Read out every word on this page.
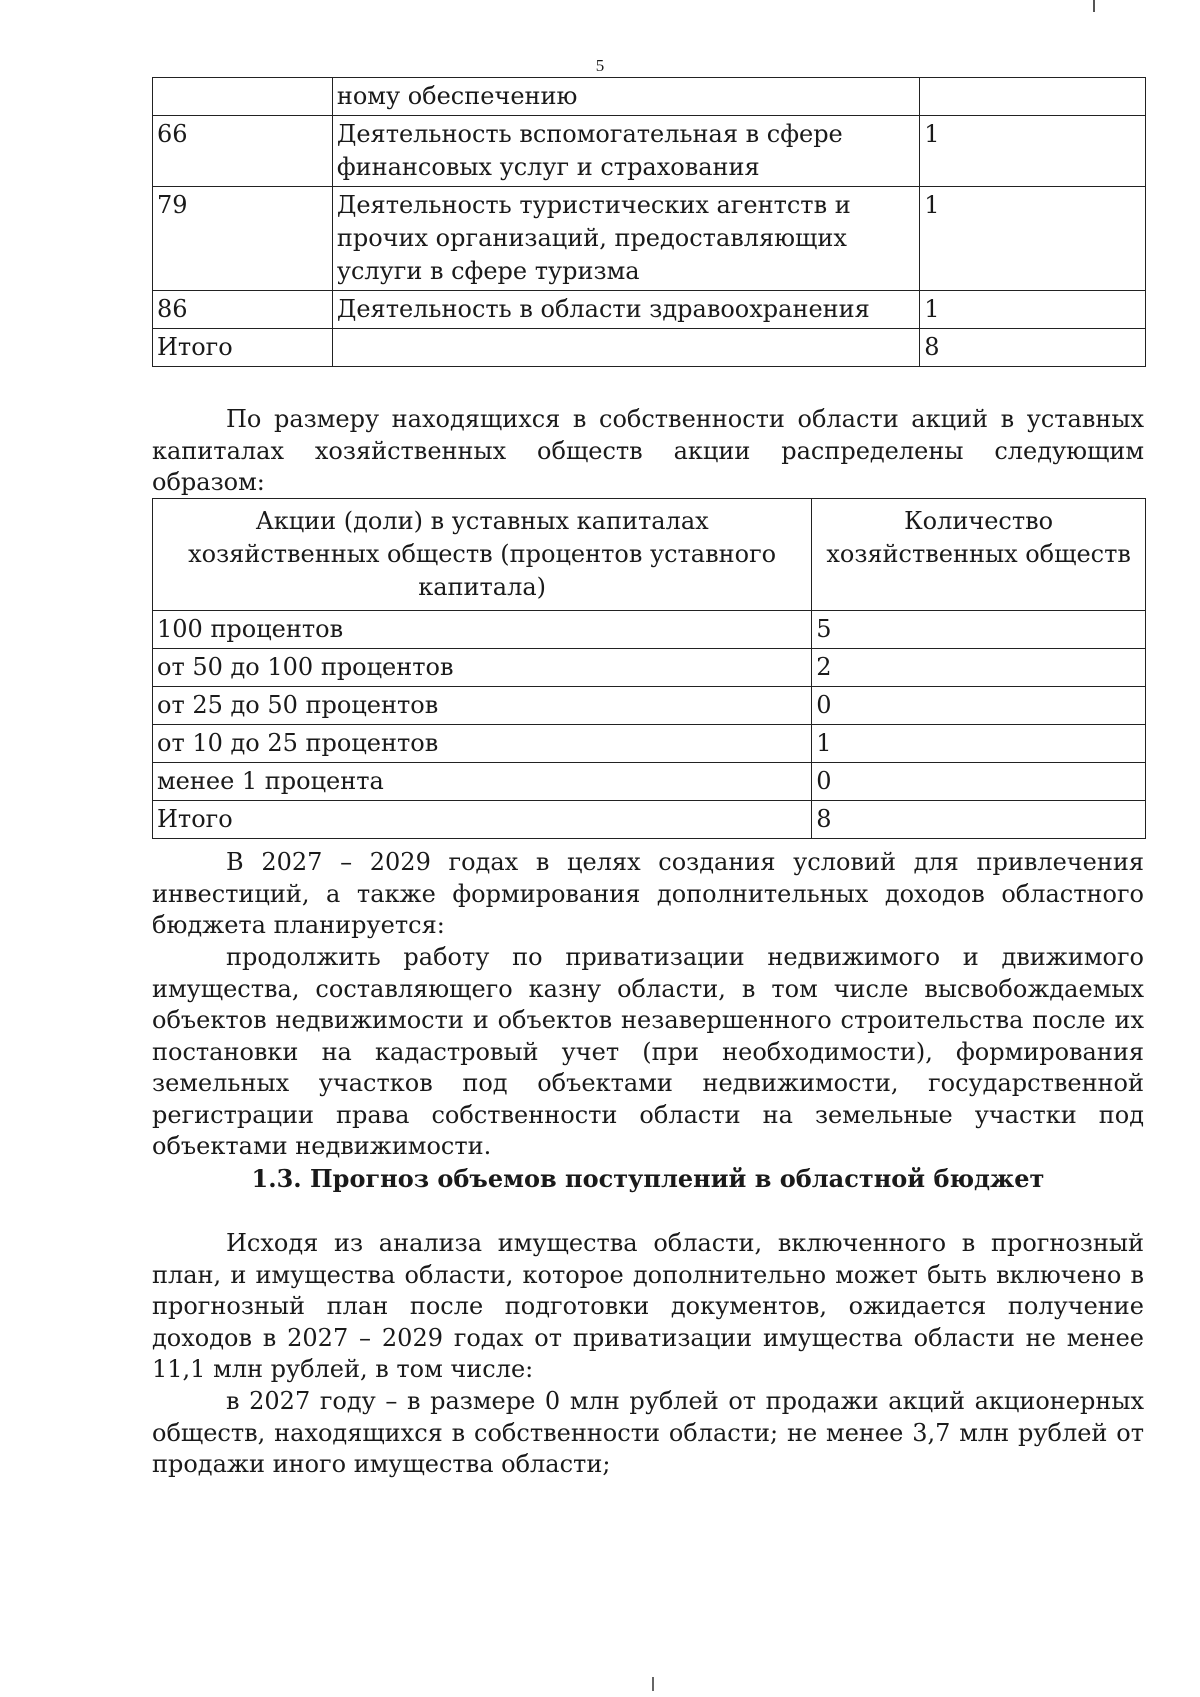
5
	ному обеспечению	
66	Деятельность вспомогательная в сфере финансовых услуг и страхования	1
79	Деятельность туристических агентств и прочих организаций, предоставляющих услуги в сфере туризма	1
86	Деятельность в области здравоохранения	1
Итого		8

По размеру находящихся в собственности области акций в уставных капиталах хозяйственных обществ акции распределены следующим образом:

Акции (доли) в уставных капиталах хозяйственных обществ (процентов уставного капитала)	Количество хозяйственных обществ
100 процентов	5
от 50 до 100 процентов	2
от 25 до 50 процентов	0
от 10 до 25 процентов	1
менее 1 процента	0
Итого	8

В 2027 – 2029 годах в целях создания условий для привлечения инвестиций, а также формирования дополнительных доходов областного бюджета планируется:

продолжить работу по приватизации недвижимого и движимого имущества, составляющего казну области, в том числе высвобождаемых объектов недвижимости и объектов незавершенного строительства после их постановки на кадастровый учет (при необходимости), формирования земельных участков под объектами недвижимости, государственной регистрации права собственности области на земельные участки под объектами недвижимости.

1.3. Прогноз объемов поступлений в областной бюджет

Исходя из анализа имущества области, включенного в прогнозный план, и имущества области, которое дополнительно может быть включено в прогнозный план после подготовки документов, ожидается получение доходов в 2027 – 2029 годах от приватизации имущества области не менее 11,1 млн рублей, в том числе:

в 2027 году – в размере 0 млн рублей от продажи акций акционерных обществ, находящихся в собственности области; не менее 3,7 млн рублей от продажи иного имущества области;
